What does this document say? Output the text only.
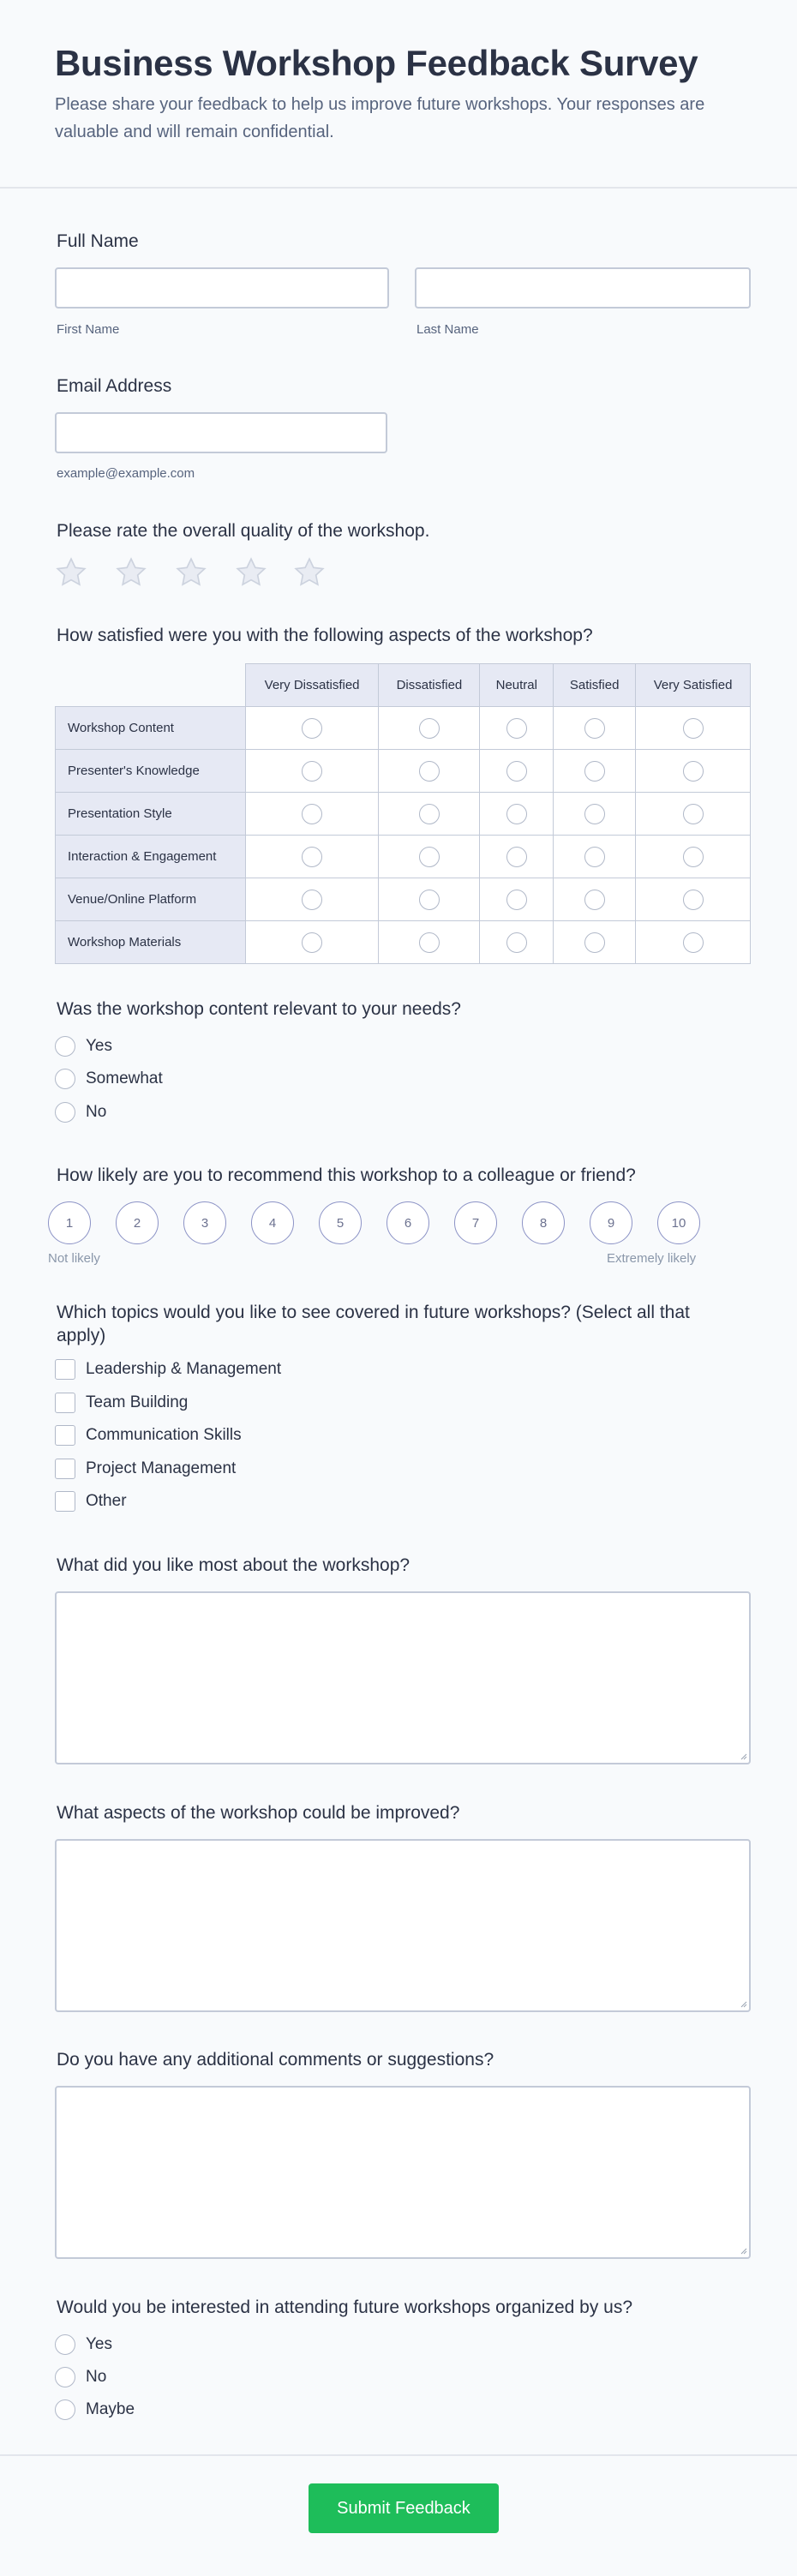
Business Workshop Feedback Survey

Please share your feedback to help us improve future workshops. Your responses are valuable and will remain confidential.

Full Name
First Name	Last Name
Email Address
example@example.com
Please rate the overall quality of the workshop.
How satisfied were you with the following aspects of the workshop?
	Very Dissatisfied	Dissatisfied	Neutral	Satisfied	Very Satisfied
Workshop Content					
Presenter's Knowledge					
Presentation Style					
Interaction & Engagement					
Venue/Online Platform					
Workshop Materials					
Was the workshop content relevant to your needs?
Yes
Somewhat
No
How likely are you to recommend this workshop to a colleague or friend?
1	2	3	4	5	6	7	8	9	10
Not likely	Extremely likely
Which topics would you like to see covered in future workshops? (Select all that apply)
Leadership & Management
Team Building
Communication Skills
Project Management
Other
What did you like most about the workshop?
What aspects of the workshop could be improved?
Do you have any additional comments or suggestions?
Would you be interested in attending future workshops organized by us?
Yes
No
Maybe
Submit Feedback
